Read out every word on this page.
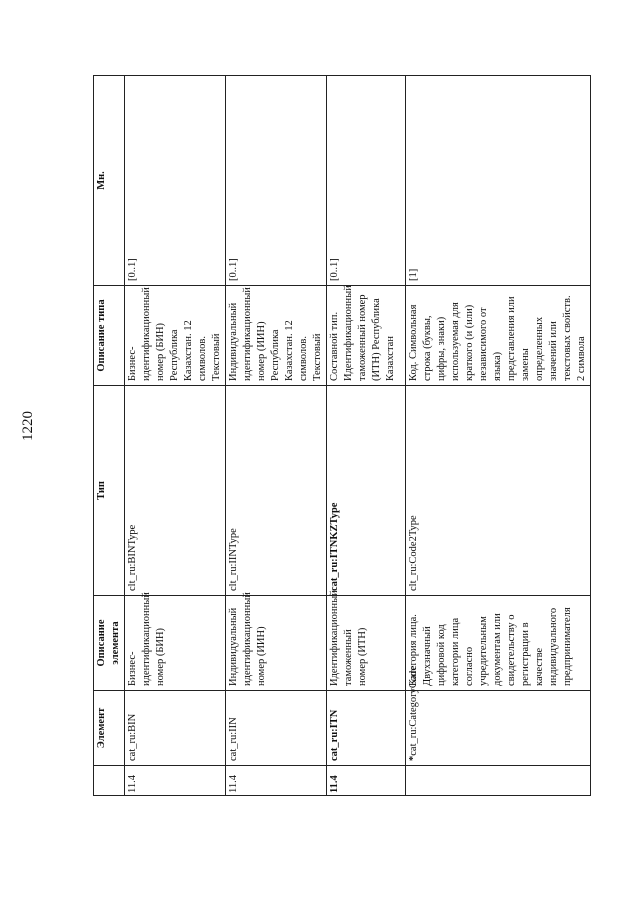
1220
	Элемент	Описание элемента	Тип	Описание типа	Мн.
11.4	cat_ru:BIN	Бизнес-идентификационный номер (БИН)	clt_ru:BINType	Бизнес-идентификационный номер (БИН) Республика Казахстан. 12 символов. Текстовый	[0..1]
11.4	cat_ru:IIN	Индивидуальный идентификационный номер (ИИН)	clt_ru:IINType	Индивидуальный идентификационный номер (ИИН) Республика Казахстан. 12 символов. Текстовый	[0..1]
11.4	cat_ru:ITN	Идентификационный таможенный номер (ИТН)	cat_ru:ITNKZType	Составной тип. Идентификационный таможенный номер (ИТН) Республика Казахстан	[0..1]
	*cat_ru:CategoryCode	Категория лица. Двухзначный цифровой код категории лица согласно учредительным документам или свидетельству о регистрации в качестве индивидуального предпринимателя	clt_ru:Code2Type	Код. Символьная строка (буквы, цифры, знаки) используемая для краткого (и (или) независимого от языка) представления или замены определенных значений или текстовых свойств. 2 символа	[1]
